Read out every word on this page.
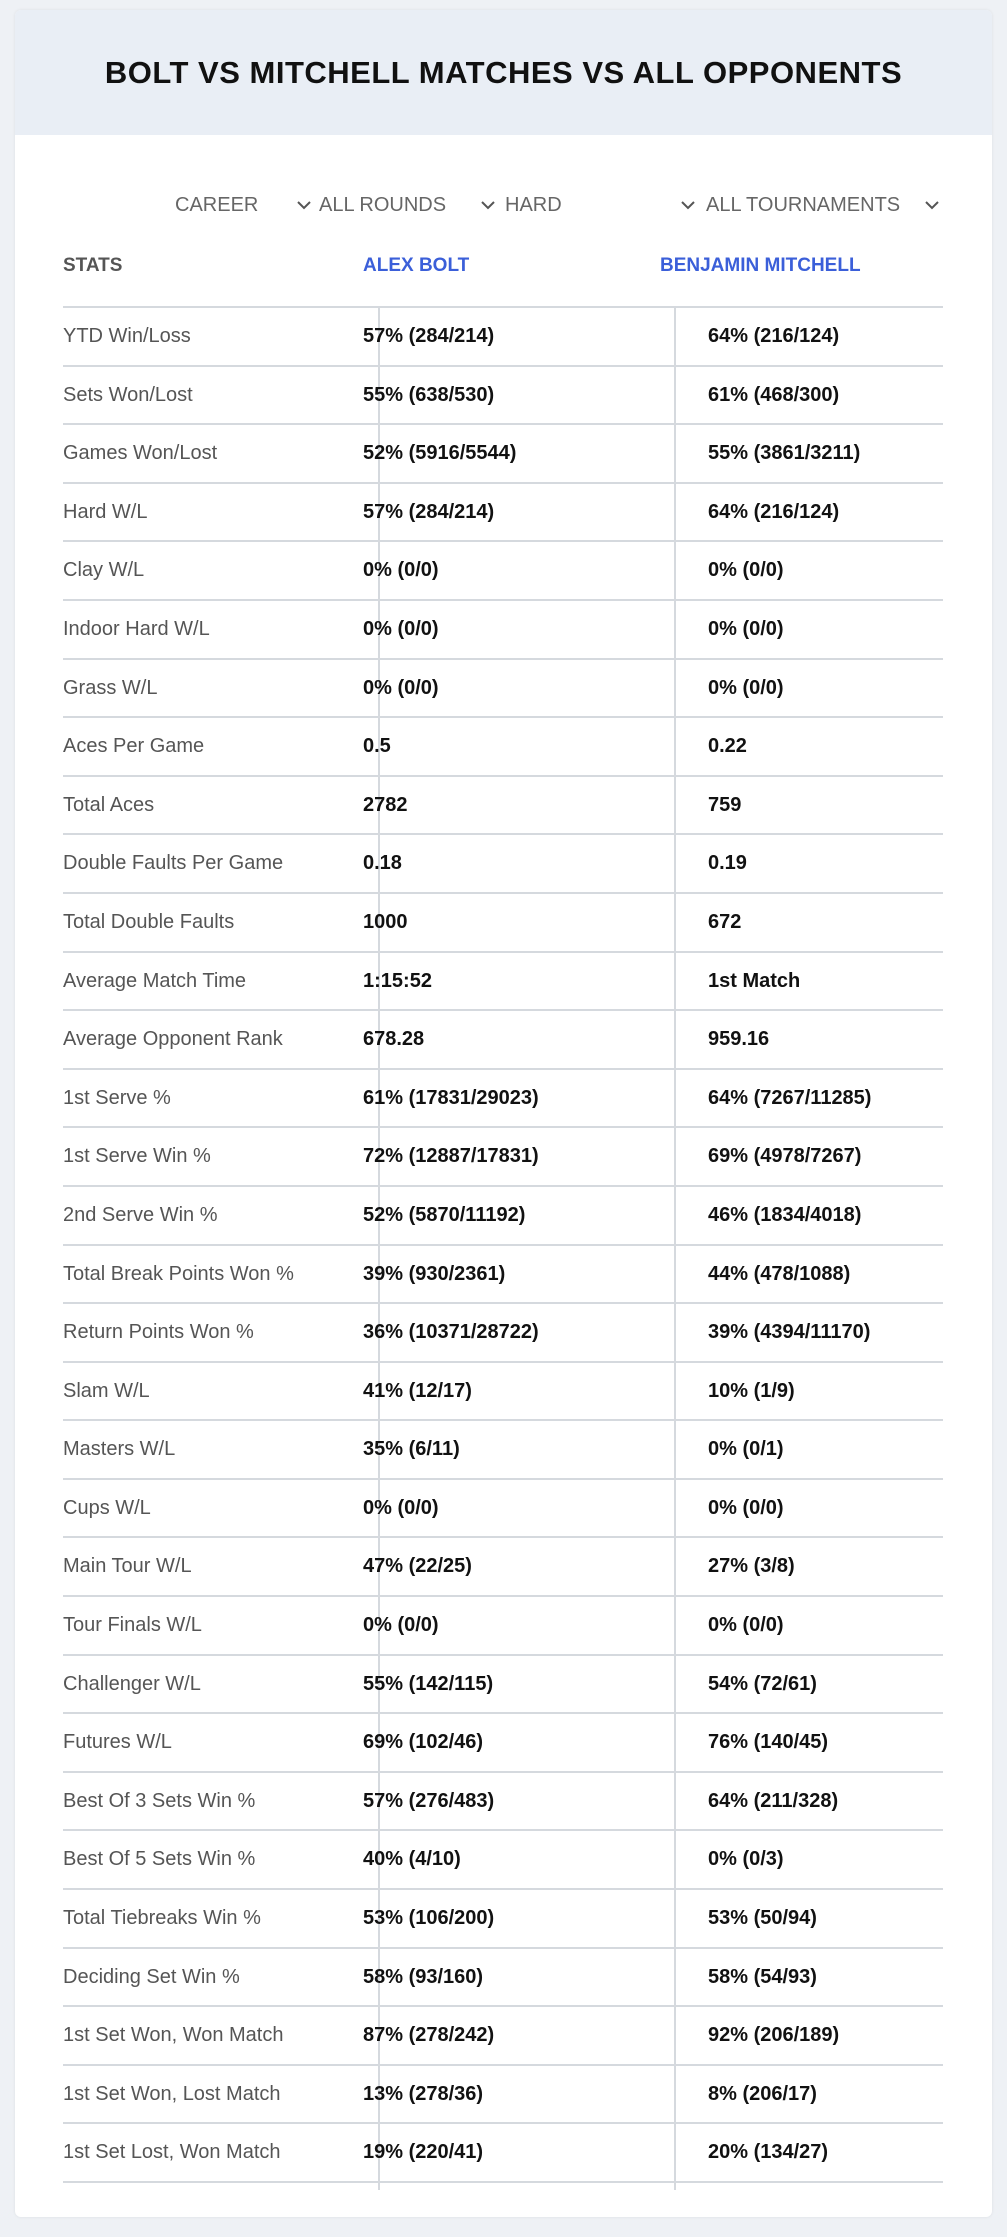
BOLT VS MITCHELL MATCHES VS ALL OPPONENTS
CAREER	ALL ROUNDS	HARD	ALL TOURNAMENTS
STATS	ALEX BOLT	BENJAMIN MITCHELL
YTD Win/Loss	57% (284/214)	64% (216/124)
Sets Won/Lost	55% (638/530)	61% (468/300)
Games Won/Lost	52% (5916/5544)	55% (3861/3211)
Hard W/L	57% (284/214)	64% (216/124)
Clay W/L	0% (0/0)	0% (0/0)
Indoor Hard W/L	0% (0/0)	0% (0/0)
Grass W/L	0% (0/0)	0% (0/0)
Aces Per Game	0.5	0.22
Total Aces	2782	759
Double Faults Per Game	0.18	0.19
Total Double Faults	1000	672
Average Match Time	1:15:52	1st Match
Average Opponent Rank	678.28	959.16
1st Serve %	61% (17831/29023)	64% (7267/11285)
1st Serve Win %	72% (12887/17831)	69% (4978/7267)
2nd Serve Win %	52% (5870/11192)	46% (1834/4018)
Total Break Points Won %	39% (930/2361)	44% (478/1088)
Return Points Won %	36% (10371/28722)	39% (4394/11170)
Slam W/L	41% (12/17)	10% (1/9)
Masters W/L	35% (6/11)	0% (0/1)
Cups W/L	0% (0/0)	0% (0/0)
Main Tour W/L	47% (22/25)	27% (3/8)
Tour Finals W/L	0% (0/0)	0% (0/0)
Challenger W/L	55% (142/115)	54% (72/61)
Futures W/L	69% (102/46)	76% (140/45)
Best Of 3 Sets Win %	57% (276/483)	64% (211/328)
Best Of 5 Sets Win %	40% (4/10)	0% (0/3)
Total Tiebreaks Win %	53% (106/200)	53% (50/94)
Deciding Set Win %	58% (93/160)	58% (54/93)
1st Set Won, Won Match	87% (278/242)	92% (206/189)
1st Set Won, Lost Match	13% (278/36)	8% (206/17)
1st Set Lost, Won Match	19% (220/41)	20% (134/27)
